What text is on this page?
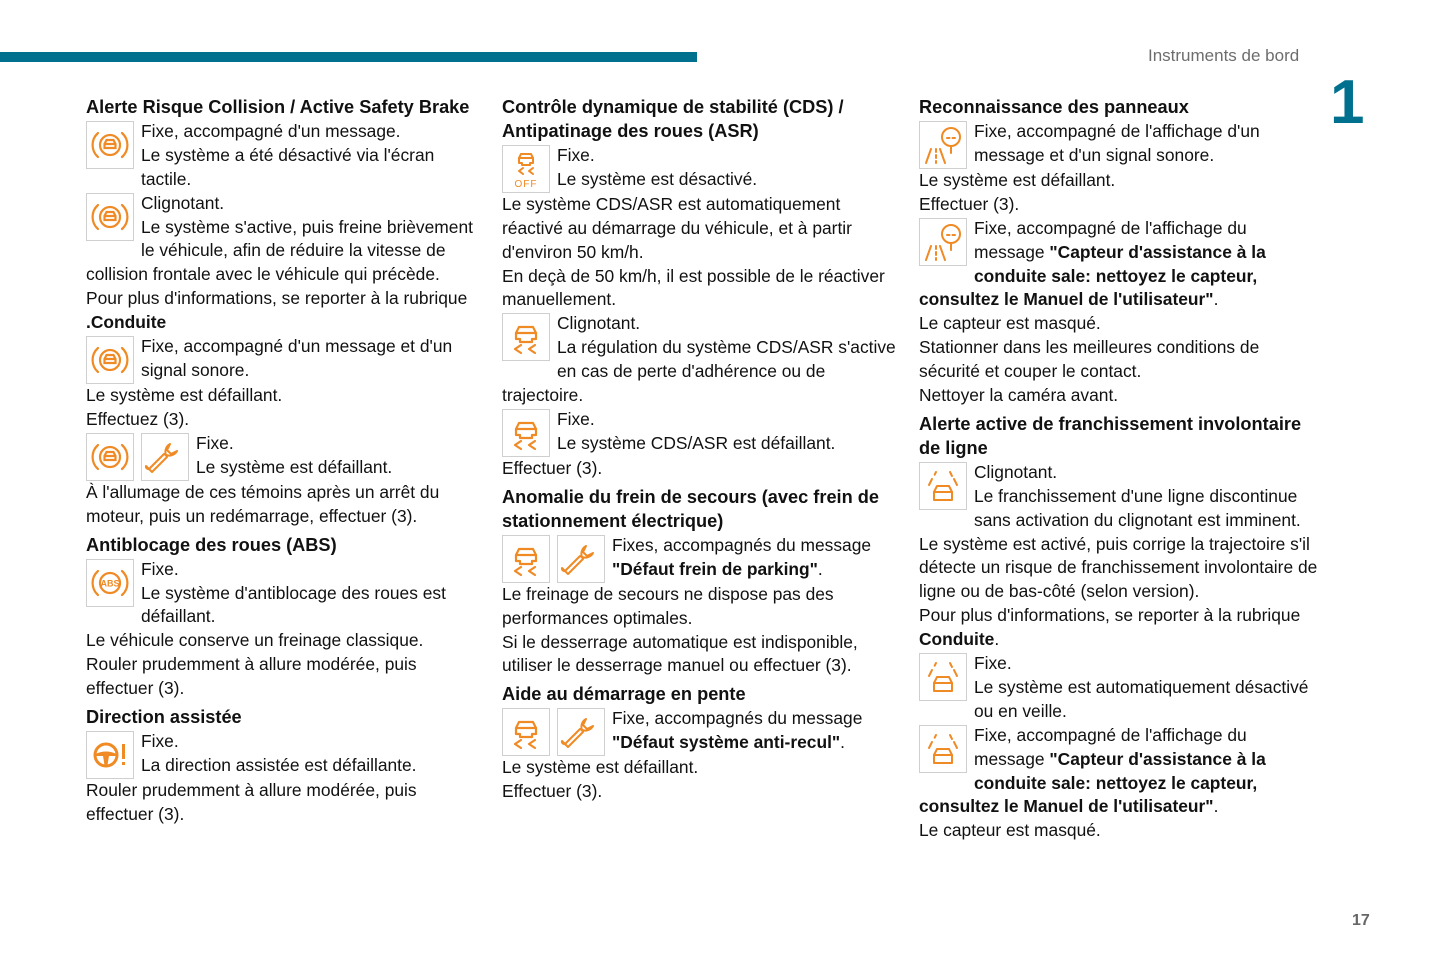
Instruments de bord
1
Alerte Risque Collision / Active Safety Brake
Fixe, accompagné d'un message.
Le système a été désactivé via l'écran tactile.
Clignotant.
Le système s'active, puis freine brièvement le véhicule, afin de réduire la vitesse de collision frontale avec le véhicule qui précède.
Pour plus d'informations, se reporter à la rubrique .Conduite
Fixe, accompagné d'un message et d'un signal sonore.
Le système est défaillant.
Effectuez (3).
Fixe.
Le système est défaillant.
À l'allumage de ces témoins après un arrêt du moteur, puis un redémarrage, effectuer (3).
Antiblocage des roues (ABS)
ABS
Fixe.
Le système d'antiblocage des roues est défaillant.
Le véhicule conserve un freinage classique.
Rouler prudemment à allure modérée, puis effectuer (3).
Direction assistée
Fixe.
La direction assistée est défaillante.
Rouler prudemment à allure modérée, puis effectuer (3).
Contrôle dynamique de stabilité (CDS) / Antipatinage des roues (ASR)
OFF
Fixe.
Le système est désactivé.
Le système CDS/ASR est automatiquement réactivé au démarrage du véhicule, et à partir d'environ 50 km/h.
En deçà de 50 km/h, il est possible de le réactiver manuellement.
Clignotant.
La régulation du système CDS/ASR s'active en cas de perte d'adhérence ou de trajectoire.
Fixe.
Le système CDS/ASR est défaillant.
Effectuer (3).
Anomalie du frein de secours (avec frein de stationnement électrique)
Fixes, accompagnés du message "Défaut frein de parking".
Le freinage de secours ne dispose pas des performances optimales.
Si le desserrage automatique est indisponible, utiliser le desserrage manuel ou effectuer (3).
Aide au démarrage en pente
Fixe, accompagnés du message "Défaut système anti-recul".
Le système est défaillant.
Effectuer (3).
Reconnaissance des panneaux
Fixe, accompagné de l'affichage d'un message et d'un signal sonore.
Le système est défaillant.
Effectuer (3).
Fixe, accompagné de l'affichage du message "Capteur d'assistance à la conduite sale: nettoyez le capteur, consultez le Manuel de l'utilisateur".
Le capteur est masqué.
Stationner dans les meilleures conditions de sécurité et couper le contact.
Nettoyer la caméra avant.
Alerte active de franchissement involontaire de ligne
Clignotant.
Le franchissement d'une ligne discontinue sans activation du clignotant est imminent.
Le système est activé, puis corrige la trajectoire s'il détecte un risque de franchissement involontaire de ligne ou de bas-côté (selon version).
Pour plus d'informations, se reporter à la rubrique Conduite.
Fixe.
Le système est automatiquement désactivé ou en veille.
Fixe, accompagné de l'affichage du message "Capteur d'assistance à la conduite sale: nettoyez le capteur, consultez le Manuel de l'utilisateur".
Le capteur est masqué.
17
